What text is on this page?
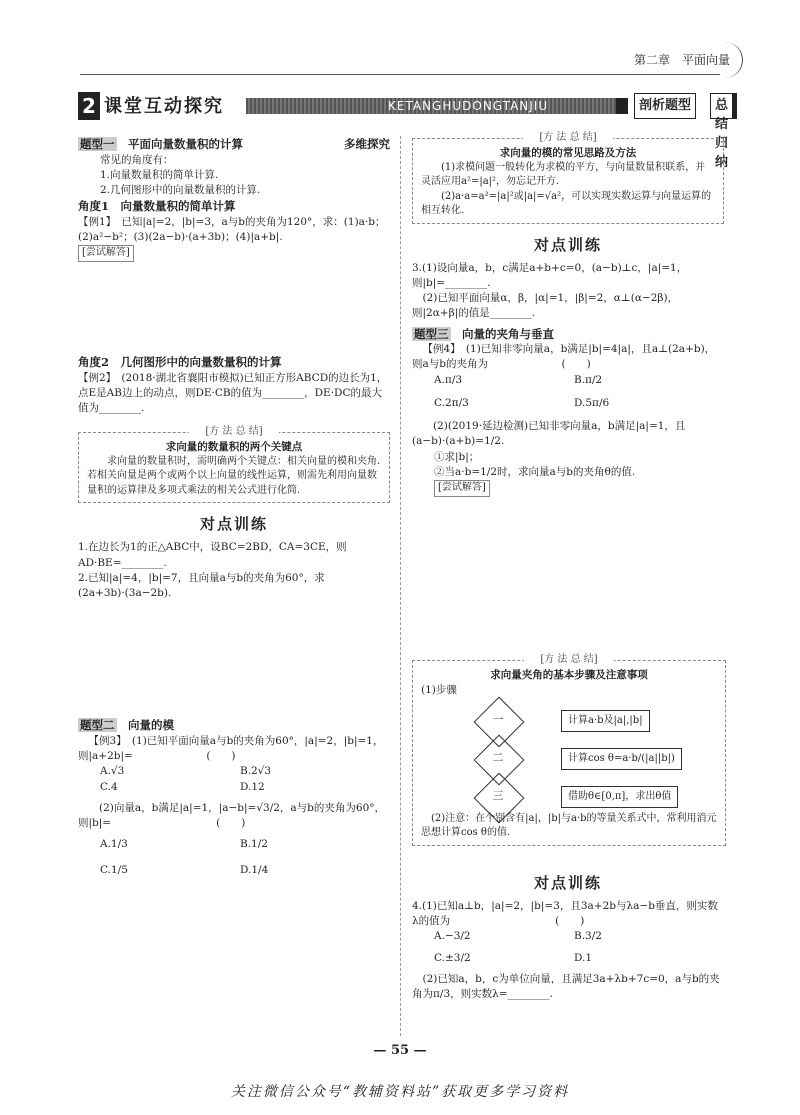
第二章　平面向量
2 课堂互动探究	KETANGHUDONGTANJIU	剖析题型	总结归纳
题型一　 平面向量数量积的计算	多维探究

常见的角度有：

1.向量数量积的简单计算.

2.几何图形中的向量数量积的计算.

角度1　向量数量积的简单计算

【例1】　已知|a|=2，|b|=3，a与b的夹角为120°，求：(1)a·b；(2)a²−b²；(3)(2a−b)·(a+3b)；(4)|a+b|.

[尝试解答]

角度2　几何图形中的向量数量积的计算

【例2】　(2018·湖北省襄阳市模拟)已知正方形ABCD的边长为1，点E是AB边上的动点，则DE·CB的值为________，DE·DC的最大值为________.

[方 法 总 结]
求向量的数量积的两个关键点

求向量的数量积时，需明确两个关键点：相关向量的模和夹角.若相关向量是两个或两个以上向量的线性运算，则需先利用向量数量积的运算律及多项式乘法的相关公式进行化简.

对点训练

1.在边长为1的正△ABC中，设BC=2BD，CA=3CE，则AD·BE=________.

2.已知|a|=4，|b|=7，且向量a与b的夹角为60°，求(2a+3b)·(3a−2b).

题型二　 向量的模

【例3】　(1)已知平面向量a与b的夹角为60°，|a|=2，|b|=1，则|a+2b|=　　　　　　　(　　)

A.√3	B.2√3
C.4	D.12

(2)向量a，b满足|a|=1，|a−b|=√3/2，a与b的夹角为60°，则|b|=　　　　　　　　　　(　　)

A.1/3	B.1/2
C.1/5	D.1/4
[方 法 总 结]
求向量的模的常见思路及方法

(1)求模问题一般转化为求模的平方，与向量数量积联系，并灵活应用a²=|a|²，勿忘记开方.

(2)a·a=a²=|a|²或|a|=√a²，可以实现实数运算与向量运算的相互转化.

对点训练

3.(1)设向量a，b，c满足a+b+c=0，(a−b)⊥c，|a|=1，则|b|=________.

(2)已知平面向量α，β，|α|=1，|β|=2，α⊥(α−2β)，则|2α+β|的值是________.

题型三　 向量的夹角与垂直

【例4】　(1)已知非零向量a，b满足|b|=4|a|，且a⊥(2a+b)，则a与b的夹角为　　　　　　　(　　)

A.π/3	B.π/2
C.2π/3	D.5π/6

(2)(2019·延边检测)已知非零向量a，b满足|a|=1，且(a−b)·(a+b)=1/2.

①求|b|；

②当a·b=1/2时，求向量a与b的夹角θ的值.

[尝试解答]

[方 法 总 结]
求向量夹角的基本步骤及注意事项

(1)步骤

一	计算a·b及|a|,|b|
二	计算cos θ=a·b/(|a||b|)
三	借助θ∈[0,π]，求出θ值

(2)注意：在个别含有|a|，|b|与a·b的等量关系式中，常利用消元思想计算cos θ的值.

对点训练

4.(1)已知a⊥b，|a|=2，|b|=3，且3a+2b与λa−b垂直，则实数λ的值为　　　　　　　　　　(　　)

A.−3/2	B.3/2
C.±3/2	D.1

(2)已知a，b，c为单位向量，且满足3a+λb+7c=0，a与b的夹角为π/3，则实数λ=________.

— 55 —
关注微信公众号“教辅资料站”获取更多学习资料
